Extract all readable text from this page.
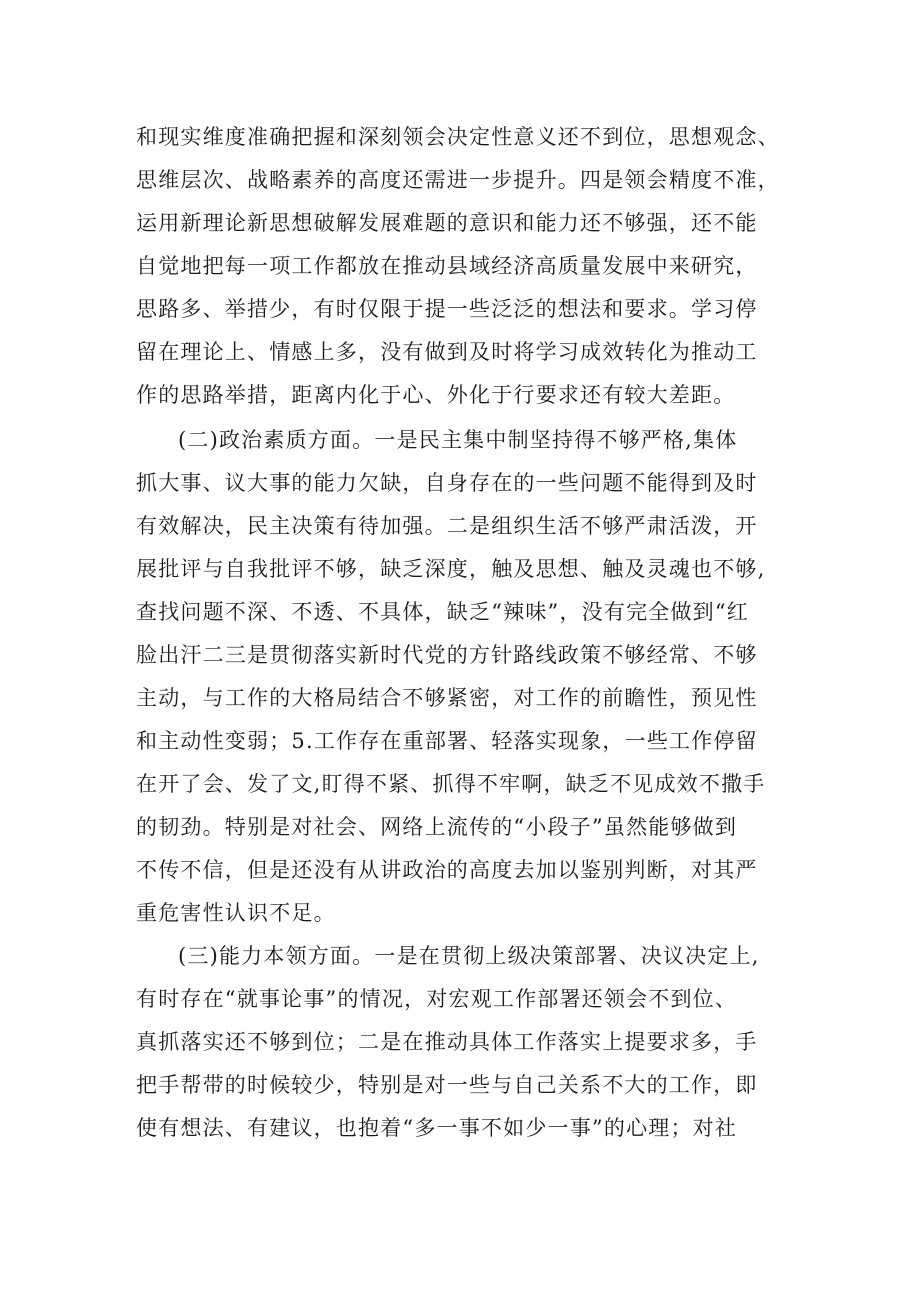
和现实维度准确把握和深刻领会决定性意义还不到位，思想观念、
思维层次、战略素养的高度还需进一步提升。四是领会精度不准，
运用新理论新思想破解发展难题的意识和能力还不够强，还不能
自觉地把每一项工作都放在推动县域经济高质量发展中来研究，
思路多、举措少，有时仅限于提一些泛泛的想法和要求。学习停
留在理论上、情感上多，没有做到及时将学习成效转化为推动工
作的思路举措，距离内化于心、外化于行要求还有较大差距。
(二)政治素质方面。一是民主集中制坚持得不够严格,集体
抓大事、议大事的能力欠缺，自身存在的一些问题不能得到及时
有效解决，民主决策有待加强。二是组织生活不够严肃活泼，开
展批评与自我批评不够，缺乏深度，触及思想、触及灵魂也不够,
查找问题不深、不透、不具体，缺乏“辣味”，没有完全做到“红
脸出汗二三是贯彻落实新时代党的方针路线政策不够经常、不够
主动，与工作的大格局结合不够紧密，对工作的前瞻性，预见性
和主动性变弱；5.工作存在重部署、轻落实现象，一些工作停留
在开了会、发了文,盯得不紧、抓得不牢啊，缺乏不见成效不撒手
的韧劲。特别是对社会、网络上流传的“小段子”虽然能够做到
不传不信，但是还没有从讲政治的高度去加以鉴别判断，对其严
重危害性认识不足。
(三)能力本领方面。一是在贯彻上级决策部署、决议决定上,
有时存在“就事论事”的情况，对宏观工作部署还领会不到位、
真抓落实还不够到位；二是在推动具体工作落实上提要求多，手
把手帮带的时候较少，特别是对一些与自己关系不大的工作，即
使有想法、有建议，也抱着“多一事不如少一事”的心理；对社
